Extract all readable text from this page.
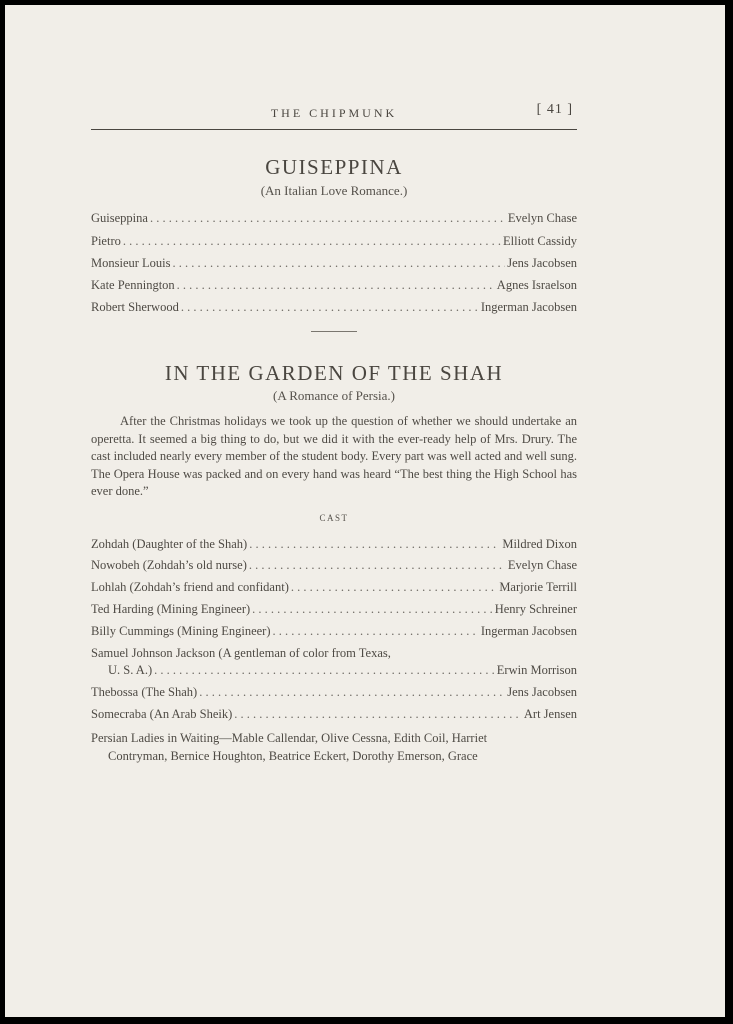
THE CHIPMUNK	[ 41 ]
GUISEPPINA
(An Italian Love Romance.)
Guiseppina . . .	Evelyn Chase
Pietro . . .	Elliott Cassidy
Monsieur Louis . . .	Jens Jacobsen
Kate Pennington . . .	Agnes Israelson
Robert Sherwood . . .	Ingerman Jacobsen
IN THE GARDEN OF THE SHAH
(A Romance of Persia.)
After the Christmas holidays we took up the question of whether we should undertake an operetta. It seemed a big thing to do, but we did it with the ever-ready help of Mrs. Drury. The cast included nearly every member of the student body. Every part was well acted and well sung. The Opera House was packed and on every hand was heard “The best thing the High School has ever done.”
CAST
Zohdah (Daughter of the Shah) . . .	Mildred Dixon
Nowobeh (Zohdah’s old nurse) . . .	Evelyn Chase
Lohlah (Zohdah’s friend and confidant) . . .	Marjorie Terrill
Ted Harding (Mining Engineer) . . .	Henry Schreiner
Billy Cummings (Mining Engineer) . . .	Ingerman Jacobsen
Samuel Johnson Jackson (A gentleman of color from Texas,
U. S. A.) . . .	Erwin Morrison
Thebossa (The Shah) . . .	Jens Jacobsen
Somecraba (An Arab Sheik) . . .	Art Jensen
Persian Ladies in Waiting—Mable Callendar, Olive Cessna, Edith Coil, Harriet
Contryman, Bernice Houghton, Beatrice Eckert, Dorothy Emerson, Grace
